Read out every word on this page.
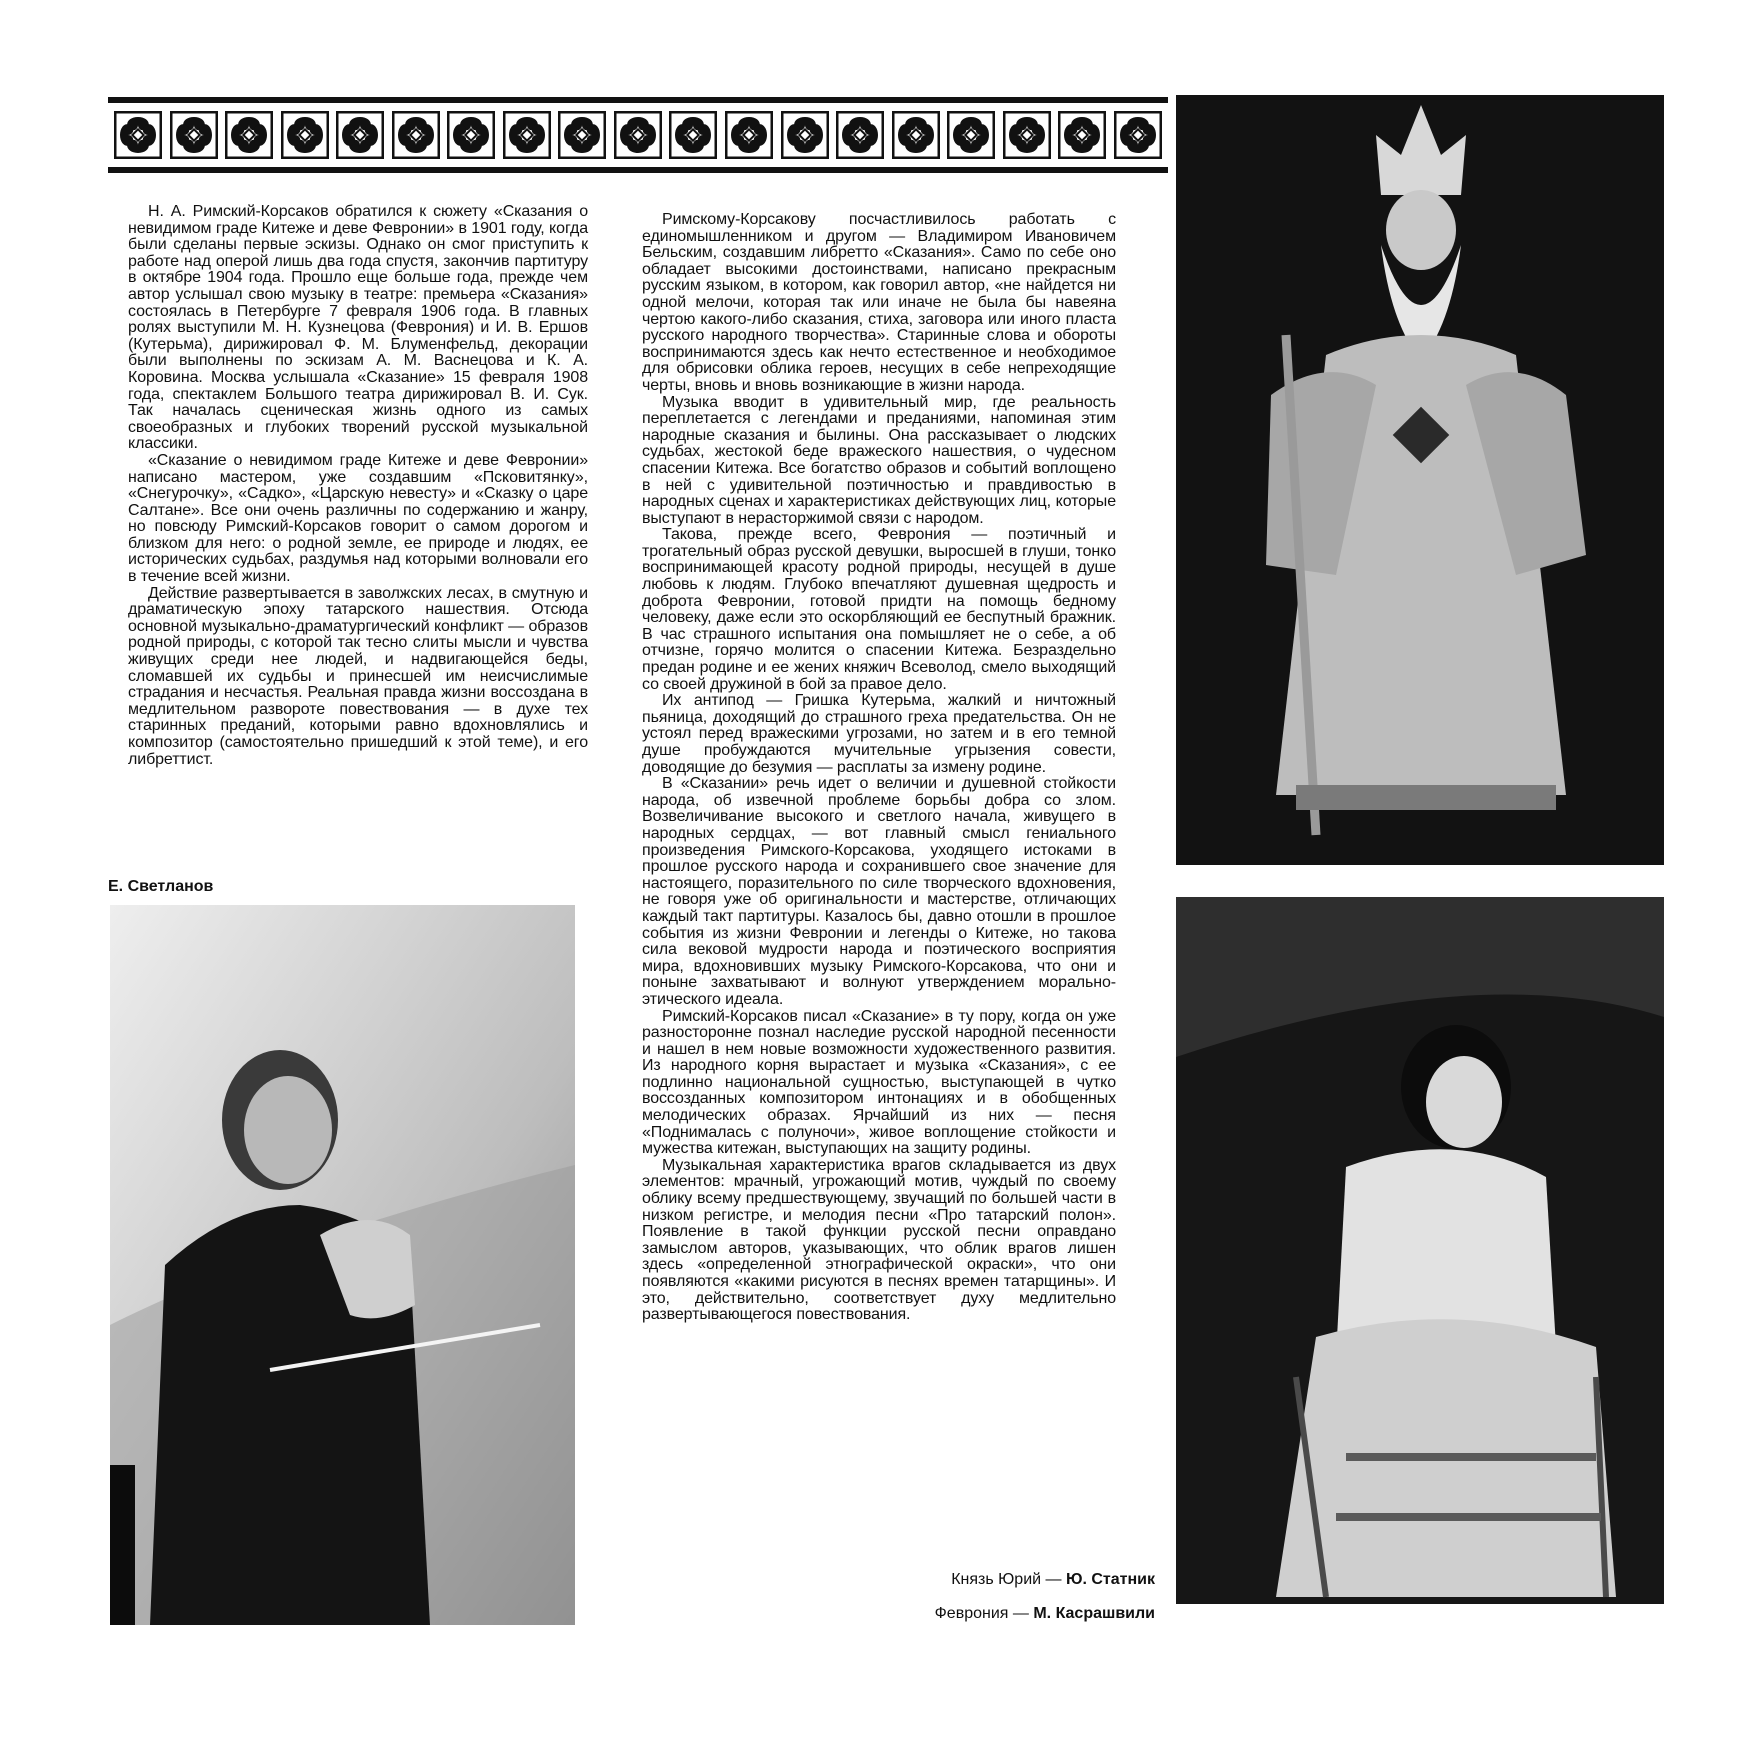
Н. А. Римский-Корсаков обратился к сюжету «Сказания о невидимом граде Китеже и деве Февронии» в 1901 году, когда были сделаны первые эскизы. Однако он смог приступить к работе над оперой лишь два года спустя, закончив партитуру в октябре 1904 года. Прошло еще больше года, прежде чем автор услышал свою музыку в театре: премьера «Сказания» состоялась в Петербурге 7 февраля 1906 года. В главных ролях выступили М. Н. Кузнецова (Феврония) и И. В. Ершов (Кутерьма), дирижировал Ф. М. Блуменфельд, декорации были выполнены по эскизам А. М. Васнецова и К. А. Коровина. Москва услышала «Сказание» 15 февраля 1908 года, спектаклем Большого театра дирижировал В. И. Сук. Так началась сценическая жизнь одного из самых своеобразных и глубоких творений русской музыкальной классики.

«Сказание о невидимом граде Китеже и деве Февронии» написано мастером, уже создавшим «Псковитянку», «Снегурочку», «Садко», «Царскую невесту» и «Сказку о царе Салтане». Все они очень различны по содержанию и жанру, но повсюду Римский-Корсаков говорит о самом дорогом и близком для него: о родной земле, ее природе и людях, ее исторических судьбах, раздумья над которыми волновали его в течение всей жизни.

Действие развертывается в заволжских лесах, в смутную и драматическую эпоху татарского нашествия. Отсюда основной музыкально-драматургический конфликт — образов родной природы, с которой так тесно слиты мысли и чувства живущих среди нее людей, и надвигающейся беды, сломавшей их судьбы и принесшей им неисчислимые страдания и несчастья. Реальная правда жизни воссоздана в медлительном развороте повествования — в духе тех старинных преданий, которыми равно вдохновлялись и композитор (самостоятельно пришедший к этой теме), и его либреттист.

Е. Светланов

Римскому-Корсакову посчастливилось работать с единомышленником и другом — Владимиром Ивановичем Бельским, создавшим либретто «Сказания». Само по себе оно обладает высокими достоинствами, написано прекрасным русским языком, в котором, как говорил автор, «не найдется ни одной мелочи, которая так или иначе не была бы навеяна чертою какого-либо сказания, стиха, заговора или иного пласта русского народного творчества». Старинные слова и обороты воспринимаются здесь как нечто естественное и необходимое для обрисовки облика героев, несущих в себе непреходящие черты, вновь и вновь возникающие в жизни народа.

Музыка вводит в удивительный мир, где реальность переплетается с легендами и преданиями, напоминая этим народные сказания и былины. Она рассказывает о людских судьбах, жестокой беде вражеского нашествия, о чудесном спасении Китежа. Все богатство образов и событий воплощено в ней с удивительной поэтичностью и правдивостью в народных сценах и характеристиках действующих лиц, которые выступают в нерасторжимой связи с народом.

Такова, прежде всего, Феврония — поэтичный и трогательный образ русской девушки, выросшей в глуши, тонко воспринимающей красоту родной природы, несущей в душе любовь к людям. Глубоко впечатляют душевная щедрость и доброта Февронии, готовой придти на помощь бедному человеку, даже если это оскорбляющий ее беспутный бражник. В час страшного испытания она помышляет не о себе, а об отчизне, горячо молится о спасении Китежа. Безраздельно предан родине и ее жених княжич Всеволод, смело выходящий со своей дружиной в бой за правое дело.

Их антипод — Гришка Кутерьма, жалкий и ничтожный пьяница, доходящий до страшного греха предательства. Он не устоял перед вражескими угрозами, но затем и в его темной душе пробуждаются мучительные угрызения совести, доводящие до безумия — расплаты за измену родине.

В «Сказании» речь идет о величии и душевной стойкости народа, об извечной проблеме борьбы добра со злом. Возвеличивание высокого и светлого начала, живущего в народных сердцах, — вот главный смысл гениального произведения Римского-Корсакова, уходящего истоками в прошлое русского народа и сохранившего свое значение для настоящего, поразительного по силе творческого вдохновения, не говоря уже об оригинальности и мастерстве, отличающих каждый такт партитуры. Казалось бы, давно отошли в прошлое события из жизни Февронии и легенды о Китеже, но такова сила вековой мудрости народа и поэтического восприятия мира, вдохновивших музыку Римского-Корсакова, что они и поныне захватывают и волнуют утверждением морально-этического идеала.

Римский-Корсаков писал «Сказание» в ту пору, когда он уже разносторонне познал наследие русской народной песенности и нашел в нем новые возможности художественного развития. Из народного корня вырастает и музыка «Сказания», с ее подлинно национальной сущностью, выступающей в чутко воссозданных композитором интонациях и в обобщенных мелодических образах. Ярчайший из них — песня «Поднималась с полуночи», живое воплощение стойкости и мужества китежан, выступающих на защиту родины.

Музыкальная характеристика врагов складывается из двух элементов: мрачный, угрожающий мотив, чуждый по своему облику всему предшествующему, звучащий по большей части в низком регистре, и мелодия песни «Про татарский полон». Появление в такой функции русской песни оправдано замыслом авторов, указывающих, что облик врагов лишен здесь «определенной этнографической окраски», что они появляются «какими рисуются в песнях времен татарщины». И это, действительно, соответствует духу медлительно развертывающегося повествования.

Князь Юрий — Ю. Статник
Феврония — М. Касрашвили
